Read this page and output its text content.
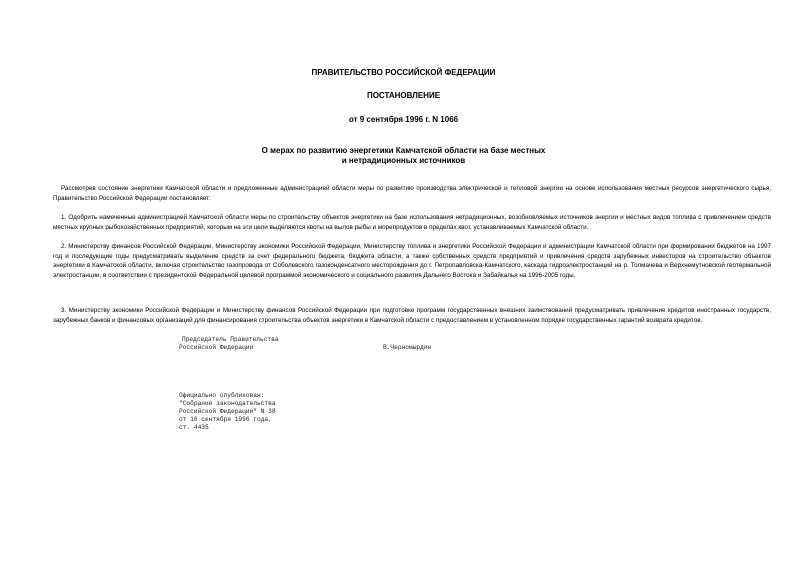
ПРАВИТЕЛЬСТВО РОССИЙСКОЙ ФЕДЕРАЦИИ
ПОСТАНОВЛЕНИЕ
от 9 сентября 1996 г. N 1066
О мерах по развитию энергетики Камчатской области на базе местных
и нетрадиционных источников
Рассмотрев состояние энергетики Камчатской области и предложенные администрацией области меры по развитию производства электрической и тепловой энергии на основе использования местных ресурсов энергетического сырья, Правительство Российской Федерации постановляет:
1. Одобрить намеченные администрацией Камчатской области меры по строительству объектов энергетики на базе использования нетрадиционных, возобновляемых источников энергии и местных видов топлива с привлечением средств местных крупных рыбохозяйственных предприятий, которым на эти цели выделяются квоты на вылов рыбы и морепродуктов в пределах квот, устанавливаемых Камчатской области.
2. Министерству финансов Российской Федерации, Министерству экономики Российской Федерации, Министерству топлива и энергетики Российской Федерации и администрации Камчатской области при формировании бюджетов на 1997 год и последующие годы предусматривать выделение средств за счет федерального бюджета, бюджета области, а также собственных средств предприятий и привлечения средств зарубежных инвесторов на строительство объектов энергетики в Камчатской области, включая строительство газопровода от Соболевского газоконденсатного месторождения до г. Петропавловска-Камчатского, каскада гидроэлектростанций на р. Толмачева и Верхнемутновской геотермальной электростанции, в соответствии с президентской Федеральной целевой программой экономического и социального развития Дальнего Востока и Забайкалья на 1996-2005 годы.
3. Министерству экономики Российской Федерации и Министерству финансов Российской Федерации при подготовке программ государственных внешних заимствований предусматривать привлечение кредитов иностранных государств, зарубежных банков и финансовых организаций для финансирования строительства объектов энергетики в Камчатской области с предоставлением в установленном порядке государственных гарантий возврата кредитов.
Председатель Правительства
Российской Федерации	В.Черномырдин
Официально опубликован:
"Собрание законодательства
Российской Федерации" N 38
от 16 сентября 1996 года,
ст. 4435
